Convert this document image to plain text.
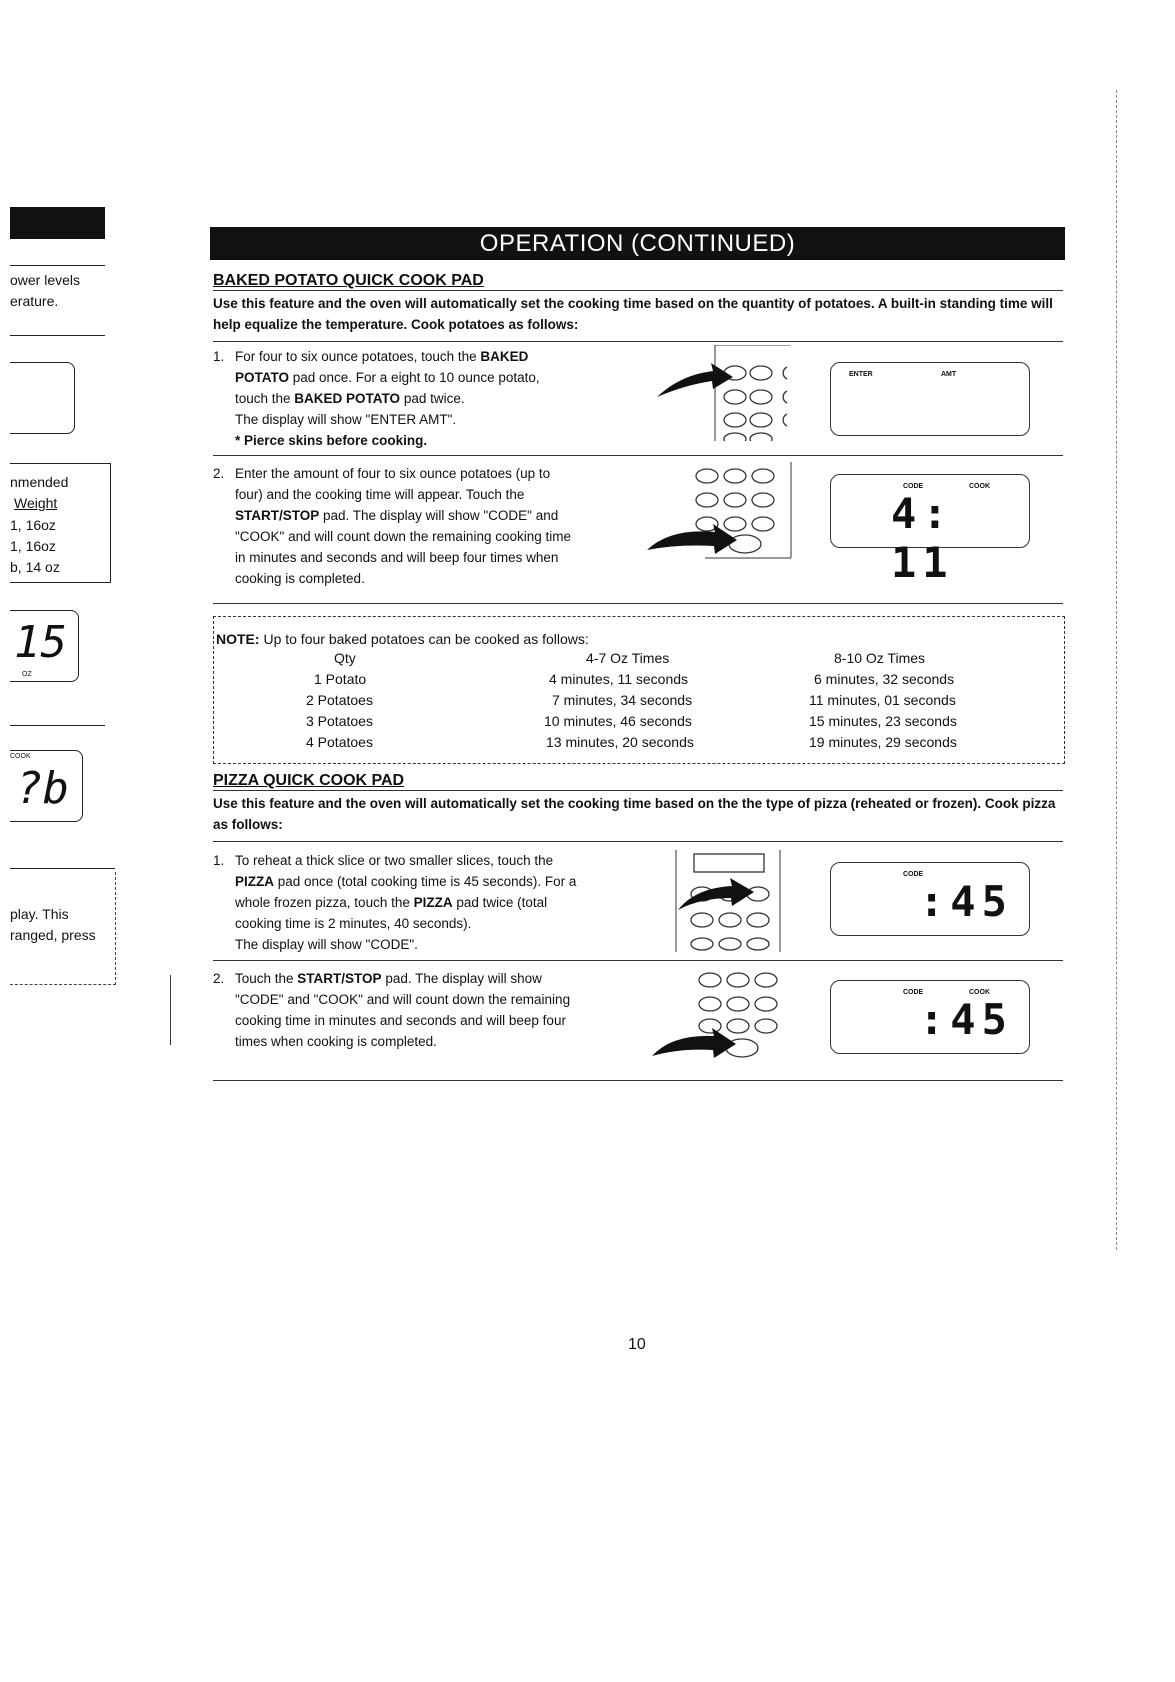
ower levels
erature.
nmended
Weight
1, 16oz
1, 16oz
b, 14 oz
15
OZ
COOK
?b
play. This
ranged, press
OPERATION (CONTINUED)
BAKED POTATO QUICK COOK PAD
Use this feature and the oven will automatically set the cooking time based on the quantity of potatoes. A built-in standing time will help equalize the temperature. Cook potatoes as follows:
1. For four to six ounce potatoes, touch the BAKED
POTATO pad once. For a eight to 10 ounce potato,
touch the BAKED POTATO pad twice.
The display will show "ENTER AMT".
* Pierce skins before cooking.
ENTER	AMT
2. Enter the amount of four to six ounce potatoes (up to
four) and the cooking time will appear. Touch the
START/STOP pad. The display will show "CODE" and
"COOK" and will count down the remaining cooking time
in minutes and seconds and will beep four times when
cooking is completed.
CODE	COOK
4: 11
NOTE: Up to four baked potatoes can be cooked as follows:
Qty	4-7 Oz Times	8-10 Oz Times
1 Potato	4 minutes, 11 seconds	6 minutes, 32 seconds
2 Potatoes	7 minutes, 34 seconds	11 minutes, 01 seconds
3 Potatoes	10 minutes, 46 seconds	15 minutes, 23 seconds
4 Potatoes	13 minutes, 20 seconds	19 minutes, 29 seconds
PIZZA QUICK COOK PAD
Use this feature and the oven will automatically set the cooking time based on the the type of pizza (reheated or frozen). Cook pizza as follows:
1. To reheat a thick slice or two smaller slices, touch the
PIZZA pad once (total cooking time is 45 seconds). For a
whole frozen pizza, touch the PIZZA pad twice (total
cooking time is 2 minutes, 40 seconds).
The display will show "CODE".
CODE
:45
2. Touch the START/STOP pad. The display will show
"CODE" and "COOK" and will count down the remaining
cooking time in minutes and seconds and will beep four
times when cooking is completed.
CODE	COOK
:45
10
